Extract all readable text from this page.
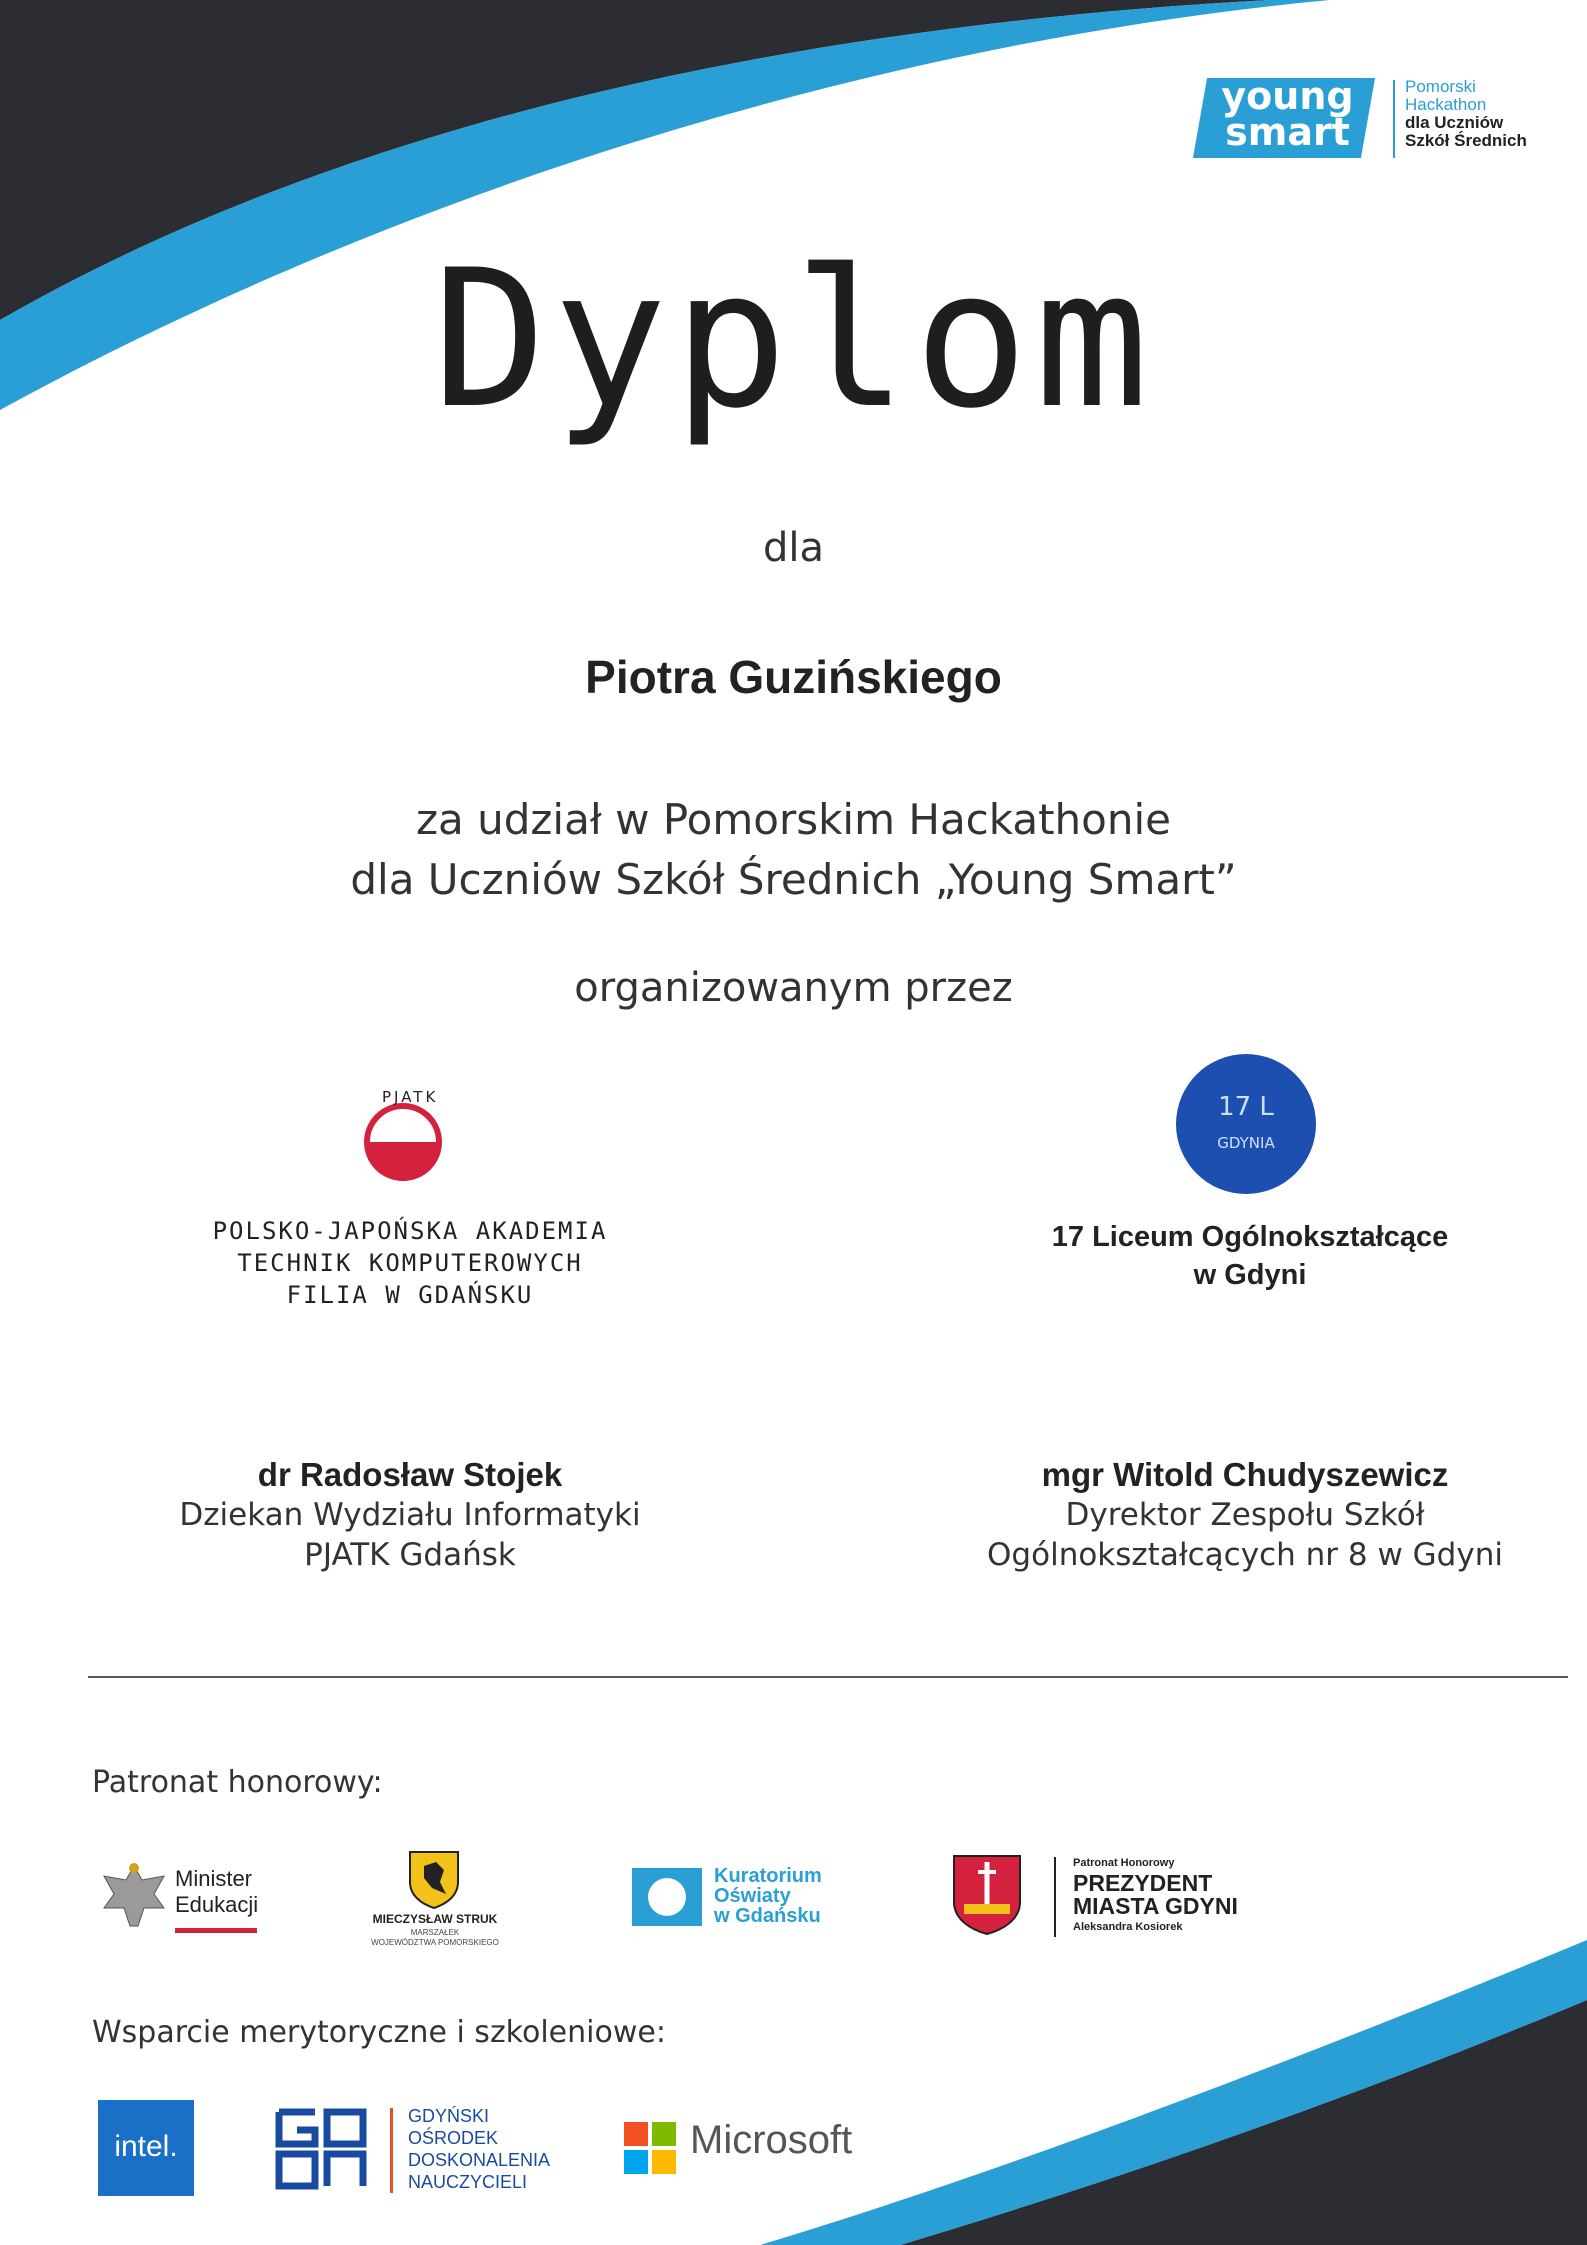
young
smart
Pomorski
Hackathon
dla Uczniów
Szkół Średnich
Dyplom
dla
Piotra Guzińskiego
za udział w Pomorskim Hackathonie
dla Uczniów Szkół Średnich „Young Smart”
organizowanym przez
PJATK
POLSKO-JAPOŃSKA AKADEMIA
TECHNIK KOMPUTEROWYCH
FILIA W GDAŃSKU
17 L
GDYNIA
17 Liceum Ogólnokształcące
w Gdyni
dr Radosław Stojek
Dziekan Wydziału Informatyki
PJATK Gdańsk
mgr Witold Chudyszewicz
Dyrektor Zespołu Szkół
Ogólnokształcących nr 8 w Gdyni
Patronat honorowy:
Minister
Edukacji
MIECZYSŁAW STRUK
MARSZAŁEK
WOJEWÓDZTWA POMORSKIEGO
Kuratorium
Oświaty
w Gdańsku
Patronat Honorowy
PREZYDENT
MIASTA GDYNI
Aleksandra Kosiorek
Wsparcie merytoryczne i szkoleniowe:
intel.
GDYŃSKI
OŚRODEK
DOSKONALENIA
NAUCZYCIELI
Microsoft
